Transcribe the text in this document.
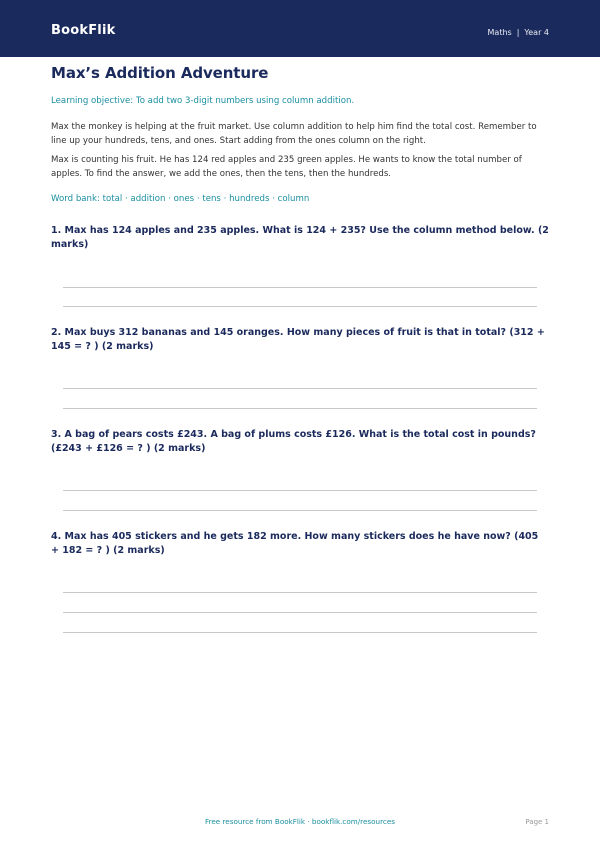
BookFlik	Maths | Year 4
Max’s Addition Adventure

Learning objective: To add two 3-digit numbers using column addition.

Max the monkey is helping at the fruit market. Use column addition to help him find the total cost. Remember to line up your hundreds, tens, and ones. Start adding from the ones column on the right.

Max is counting his fruit. He has 124 red apples and 235 green apples. He wants to know the total number of apples. To find the answer, we add the ones, then the tens, then the hundreds.

Word bank: total · addition · ones · tens · hundreds · column

1. Max has 124 apples and 235 apples. What is 124 + 235? Use the column method below. (2 marks)

2. Max buys 312 bananas and 145 oranges. How many pieces of fruit is that in total? (312 + 145 = ? ) (2 marks)

3. A bag of pears costs £243. A bag of plums costs £126. What is the total cost in pounds? (£243 + £126 = ? ) (2 marks)

4. Max has 405 stickers and he gets 182 more. How many stickers does he have now? (405 + 182 = ? ) (2 marks)

Free resource from BookFlik · bookflik.com/resources	Page 1
